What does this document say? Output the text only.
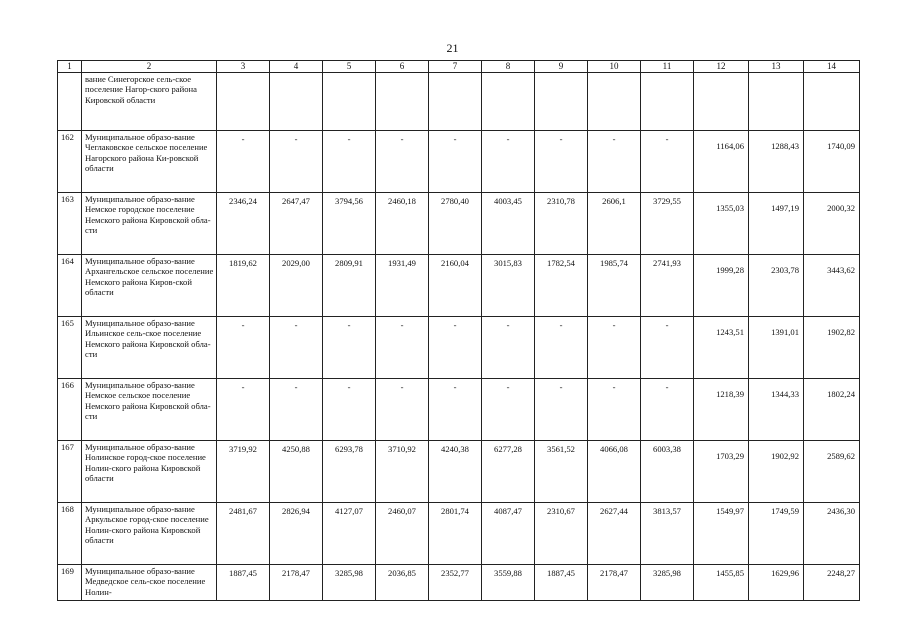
21
1	2	3	4	5	6	7	8	9	10	11	12	13	14
	вание Синегорское сель-ское поселение Нагор-ского района Кировской области												
162	Муниципальное образо-вание Чеглаковское сельское поселение Нагорского района Ки-ровской области	-	-	-	-	-	-	-	-	-	1164,06	1288,43	1740,09
163	Муниципальное образо-вание Немское городское поселение Немского района Кировской обла-сти	2346,24	2647,47	3794,56	2460,18	2780,40	4003,45	2310,78	2606,1	3729,55	1355,03	1497,19	2000,32
164	Муниципальное образо-вание Архангельское сельское поселение Немского района Киров-ской области	1819,62	2029,00	2809,91	1931,49	2160,04	3015,83	1782,54	1985,74	2741,93	1999,28	2303,78	3443,62
165	Муниципальное образо-вание Ильинское сель-ское поселение Немского района Кировской обла-сти	-	-	-	-	-	-	-	-	-	1243,51	1391,01	1902,82
166	Муниципальное образо-вание Немское сельское поселение Немского района Кировской обла-сти	-	-	-	-	-	-	-	-	-	1218,39	1344,33	1802,24
167	Муниципальное образо-вание Нолинское город-ское поселение Нолин-ского района Кировской области	3719,92	4250,88	6293,78	3710,92	4240,38	6277,28	3561,52	4066,08	6003,38	1703,29	1902,92	2589,62
168	Муниципальное образо-вание Аркульское город-ское поселение Нолин-ского района Кировской области	2481,67	2826,94	4127,07	2460,07	2801,74	4087,47	2310,67	2627,44	3813,57	1549,97	1749,59	2436,30
169	Муниципальное образо-вание Медведское сель-ское поселение Нолин-	1887,45	2178,47	3285,98	2036,85	2352,77	3559,88	1887,45	2178,47	3285,98	1455,85	1629,96	2248,27
